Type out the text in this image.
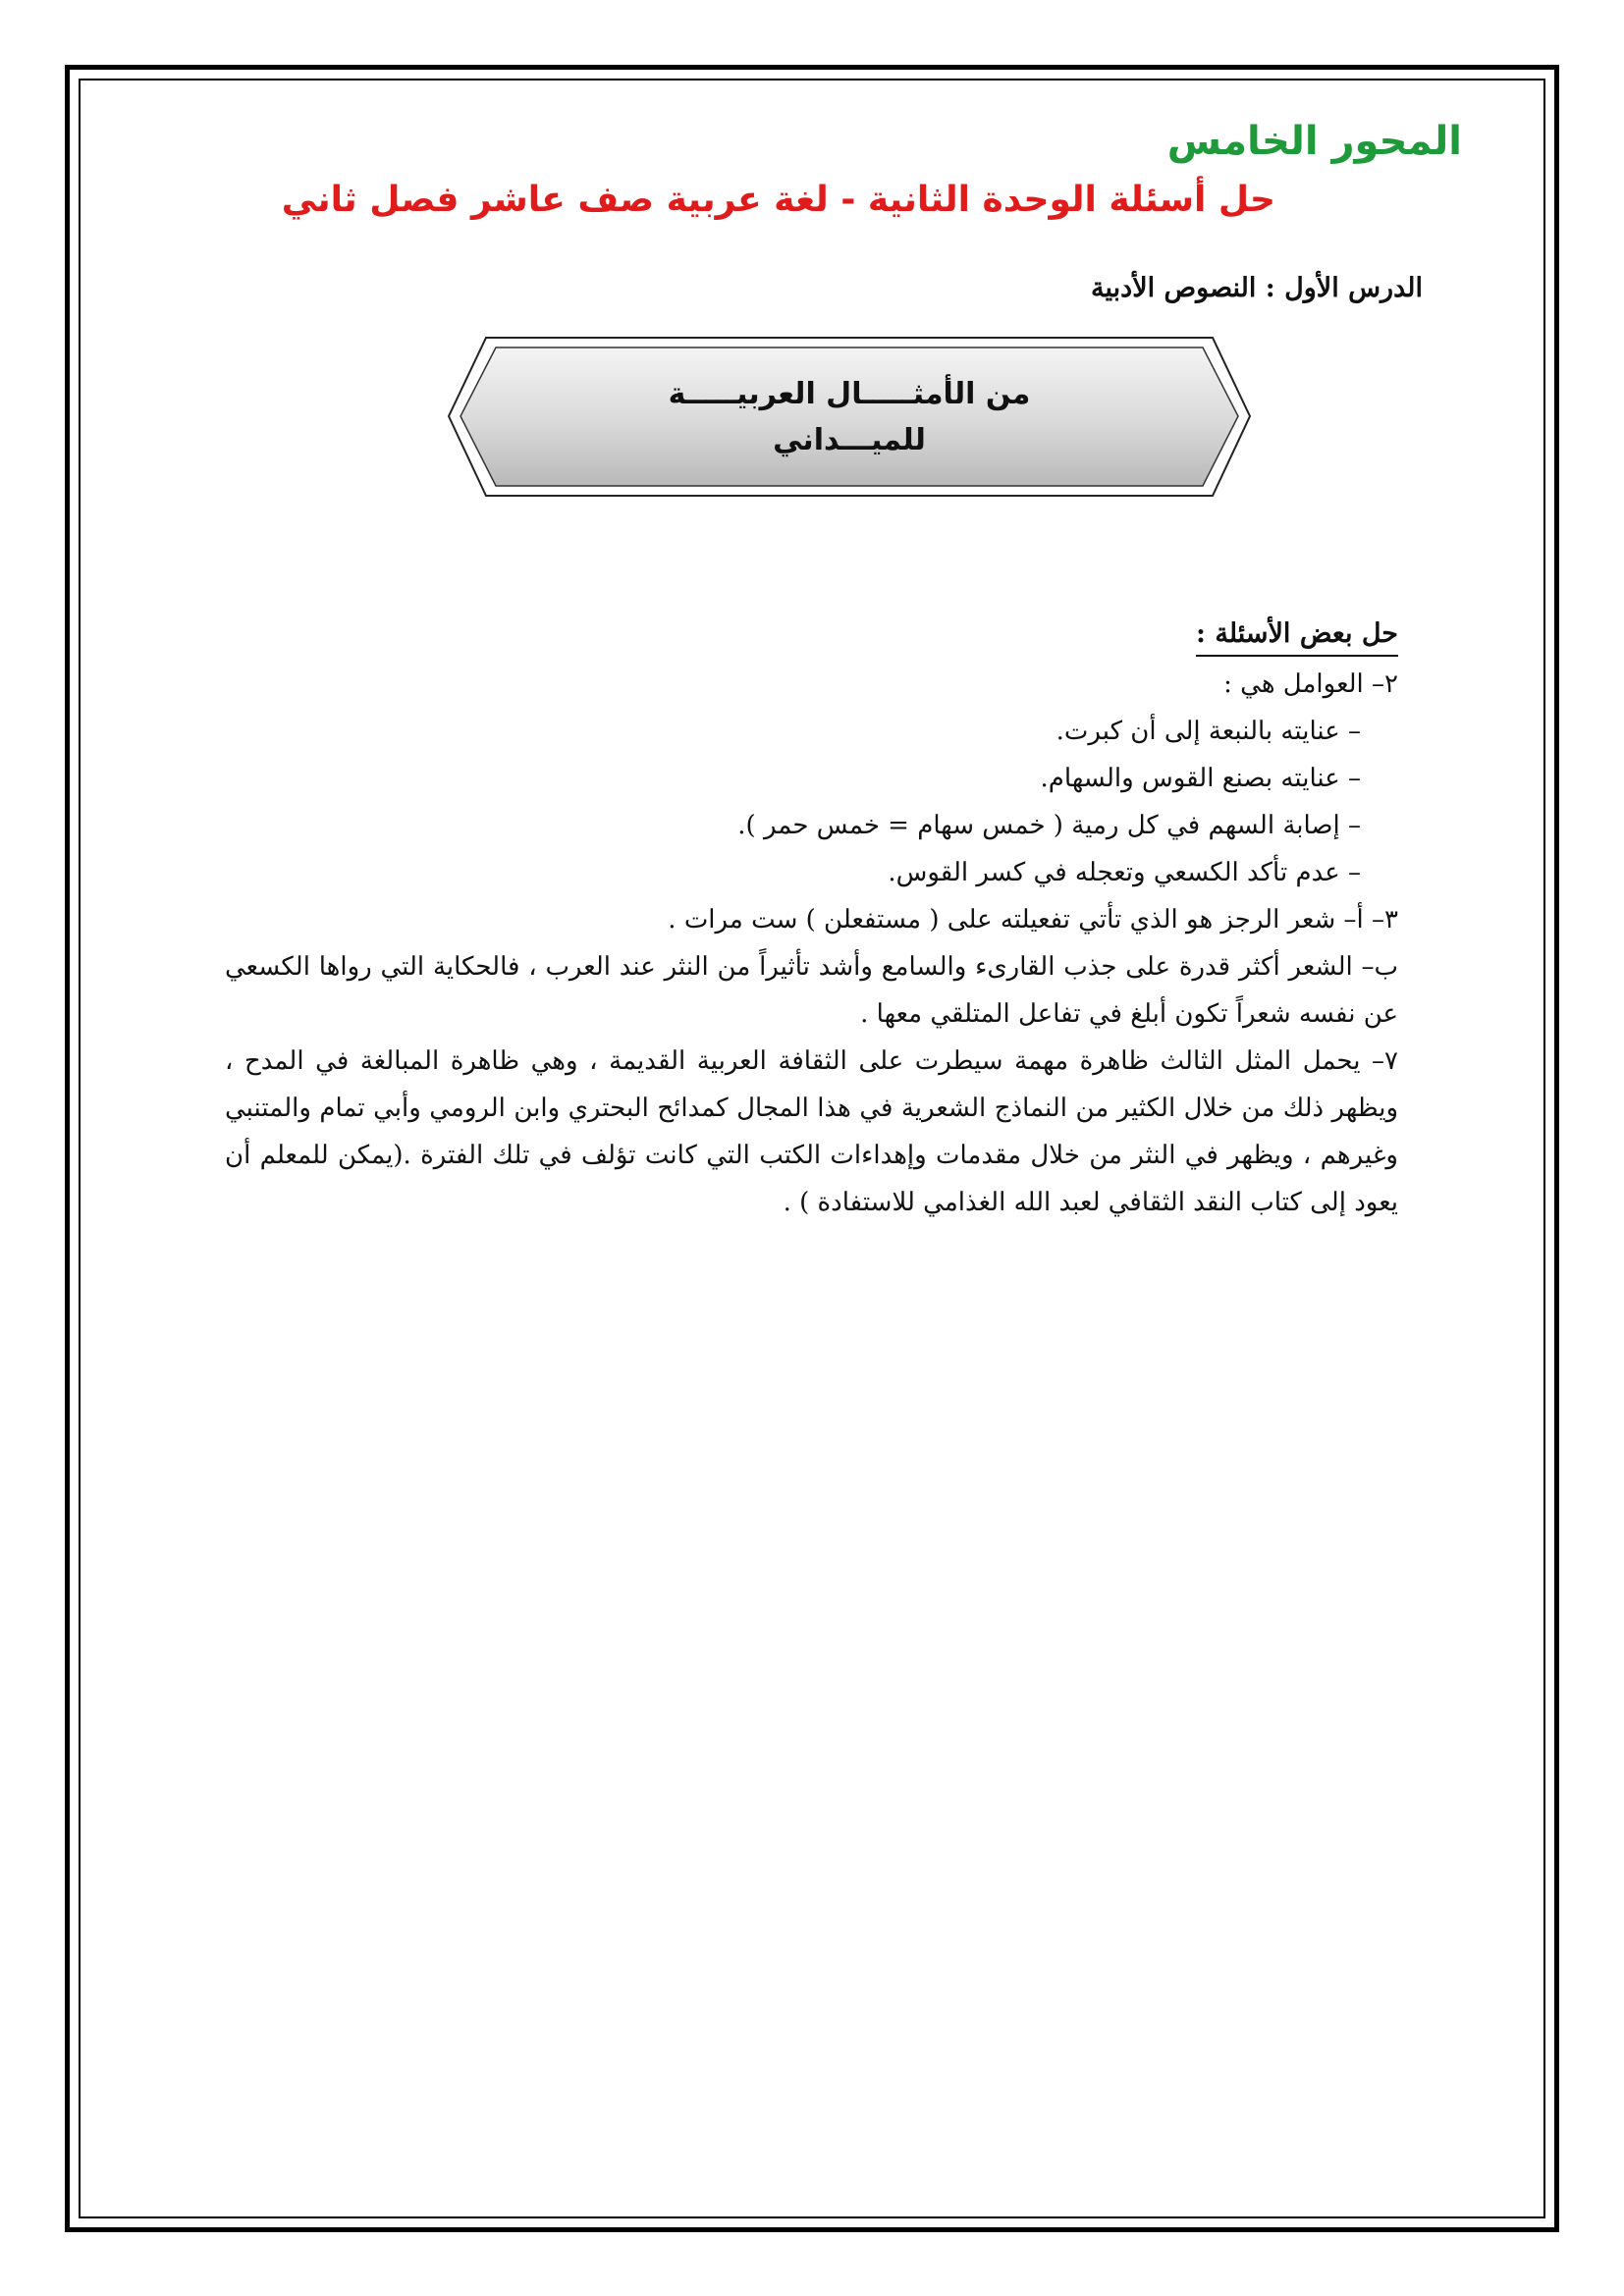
المحور الخامس
حل أسئلة الوحدة الثانية - لغة عربية صف عاشر فصل ثاني
الدرس الأول : النصوص الأدبية
من الأمثـــــال العربيـــــة
للميـــداني

حل بعض الأسئلة :

٢– العوامل هي :

– عنايته بالنبعة إلى أن كبرت.

– عنايته بصنع القوس والسهام.

– إصابة السهم في كل رمية ( خمس سهام = خمس حمر ).

– عدم تأكد الكسعي وتعجله في كسر القوس.

٣– أ– شعر الرجز هو الذي تأتي تفعيلته على ( مستفعلن ) ست مرات .

ب– الشعر أكثر قدرة على جذب القارىء والسامع وأشد تأثيراً من النثر عند العرب ، فالحكاية التي رواها الكسعي عن نفسه شعراً تكون أبلغ في تفاعل المتلقي معها .

٧– يحمل المثل الثالث ظاهرة مهمة سيطرت على الثقافة العربية القديمة ، وهي ظاهرة المبالغة في المدح ، ويظهر ذلك من خلال الكثير من النماذج الشعرية في هذا المجال كمدائح البحتري وابن الرومي وأبي تمام والمتنبي وغيرهم ، ويظهر في النثر من خلال مقدمات وإهداءات الكتب التي كانت تؤلف في تلك الفترة .(يمكن للمعلم أن يعود إلى كتاب النقد الثقافي لعبد الله الغذامي للاستفادة ) .
